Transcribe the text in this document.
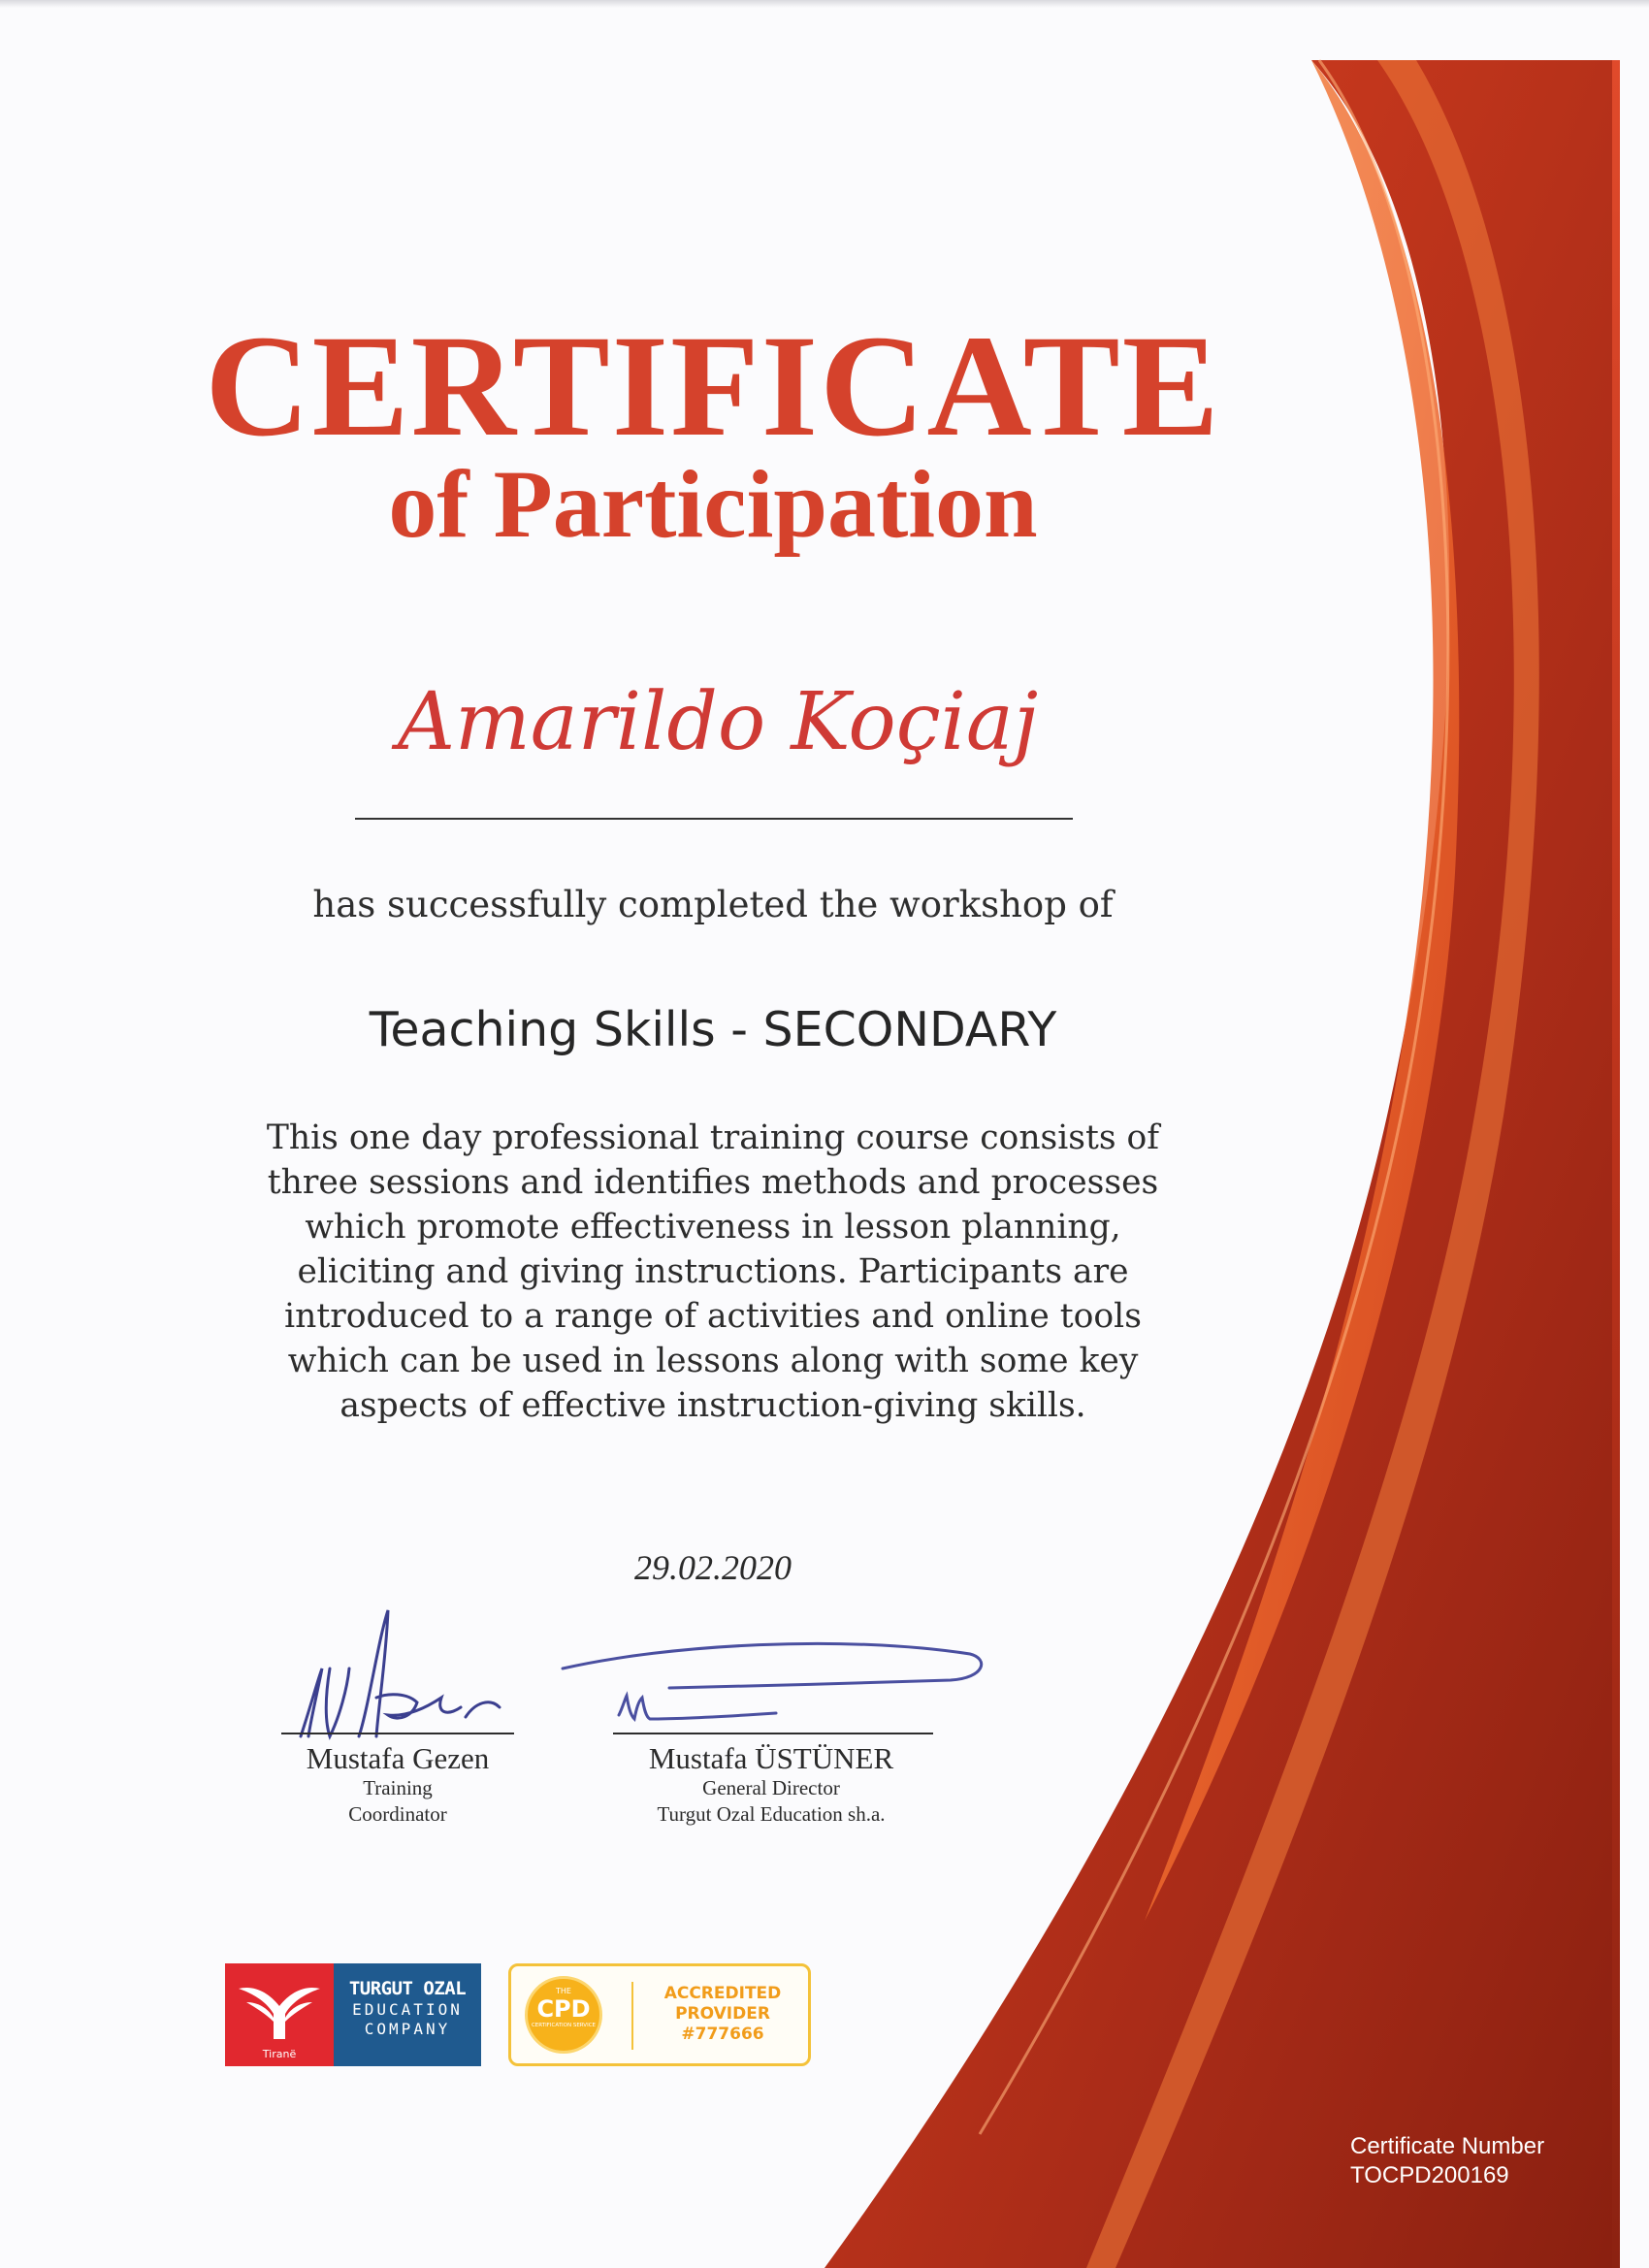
CERTIFICATE
of Participation
Amarildo Koçiaj
has successfully completed the workshop of
Teaching Skills - SECONDARY

This one day professional training course consists of
three sessions and identifies methods and processes
which promote effectiveness in lesson planning,
eliciting and giving instructions. Participants are
introduced to a range of activities and online tools
which can be used in lessons along with some key
aspects of effective instruction-giving skills.

29.02.2020
Mustafa Gezen
Training
Coordinator
Mustafa ÜSTÜNER
General Director
Turgut Ozal Education sh.a.
Tiranë
TURGUT OZAL
EDUCATION
COMPANY
THE
CPD
CERTIFICATION SERVICE
ACCREDITED
PROVIDER
#777666
Certificate Number
TOCPD200169
